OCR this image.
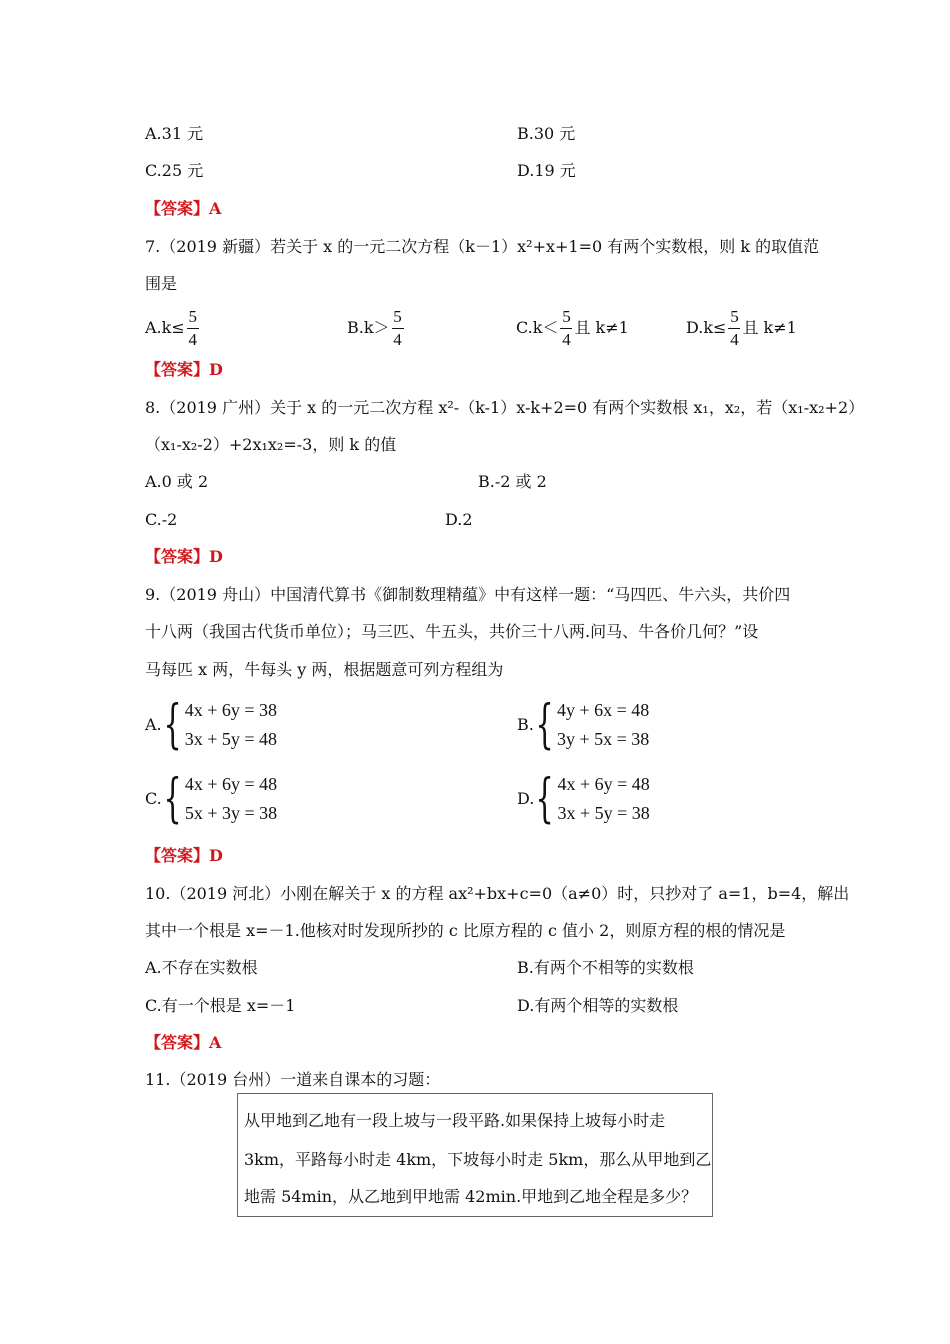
A.31 元	B.30 元
C.25 元	D.19 元
【答案】A
7.（2019 新疆）若关于 x 的一元二次方程（k－1）x²+x+1=0 有两个实数根，则 k 的取值范
围是
$A.k\le \frac{5}{4}$	$B.k> \frac{5}{4}$	$C.k< \frac{5}{4}$ 且 k≠1	$D.k\le \frac{5}{4}$ 且 k≠1
【答案】D
8.（2019 广州）关于 x 的一元二次方程 x²-（k-1）x-k+2=0 有两个实数根 x₁，x₂，若（x₁-x₂+2）
（x₁-x₂-2）+2x₁x₂=-3，则 k 的值
A.0 或 2	B.-2 或 2
C.-2	D.2
【答案】D
9.（2019 舟山）中国清代算书《御制数理精蕴》中有这样一题：“马四匹、牛六头，共价四
十八两（我国古代货币单位）；马三匹、牛五头，共价三十八两.问马、牛各价几何？”设
马每匹 x 两，牛每头 y 两，根据题意可列方程组为
A. { 4x + 6y = 38
3x + 5y = 48
B. { 4y + 6x = 48
3y + 5x = 38
C. { 4x + 6y = 48
5x + 3y = 38
D. { 4x + 6y = 48
3x + 5y = 38
【答案】D
10.（2019 河北）小刚在解关于 x 的方程 ax²+bx+c=0（a≠0）时，只抄对了 a=1，b=4，解出
其中一个根是 x=－1.他核对时发现所抄的 c 比原方程的 c 值小 2，则原方程的根的情况是
A.不存在实数根	B.有两个不相等的实数根
C.有一个根是 x=－1	D.有两个相等的实数根
【答案】A
11.（2019 台州）一道来自课本的习题：
从甲地到乙地有一段上坡与一段平路.如果保持上坡每小时走
3km，平路每小时走 4km，下坡每小时走 5km，那么从甲地到乙
地需 54min，从乙地到甲地需 42min.甲地到乙地全程是多少？
